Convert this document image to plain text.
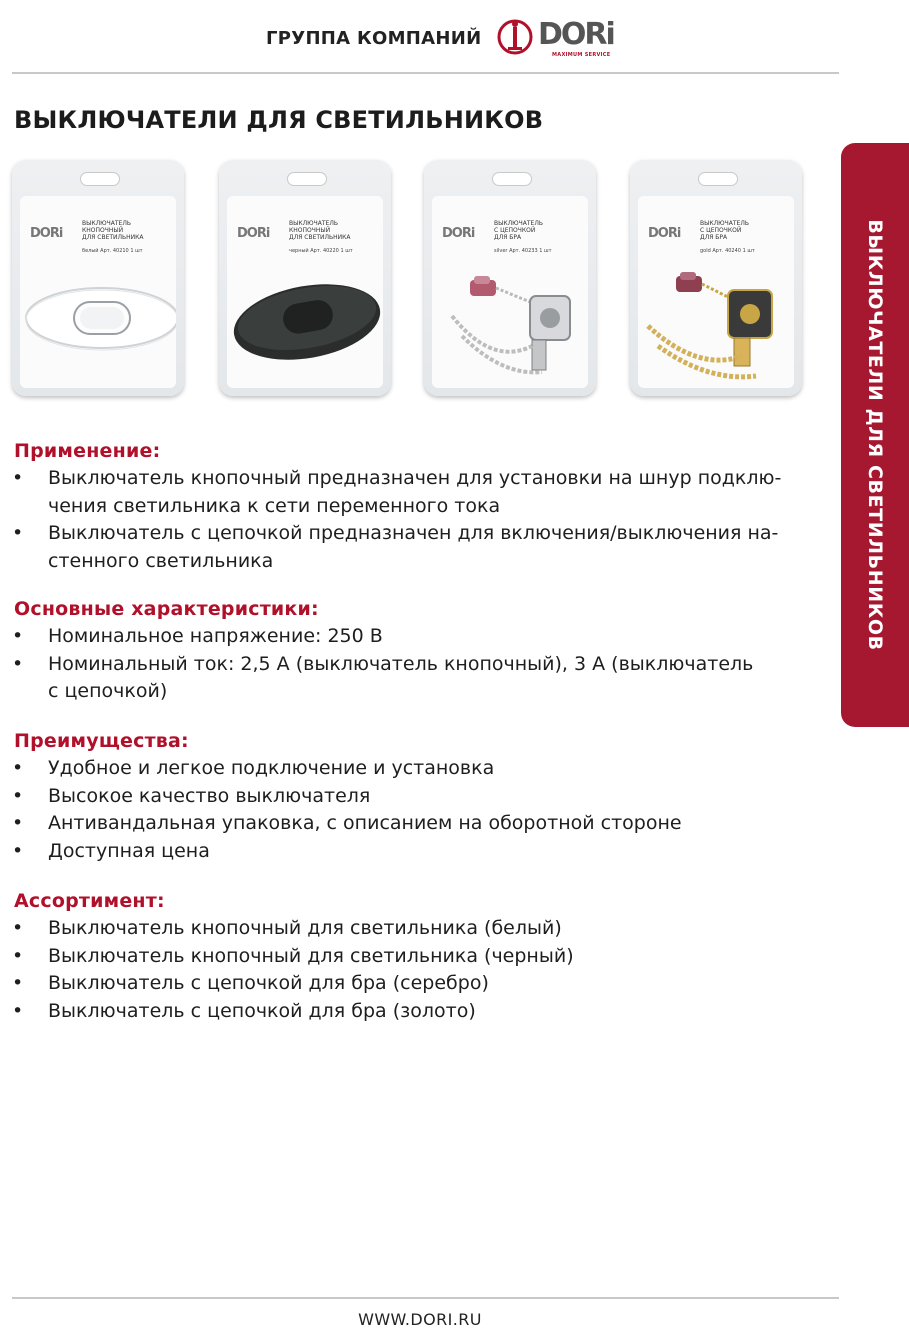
ГРУППА КОМПАНИЙ DORi
MAXIMUM SERVICE
ВЫКЛЮЧАТЕЛИ ДЛЯ СВЕТИЛЬНИКОВ
DORi
ВЫКЛЮЧАТЕЛЬ
КНОПОЧНЫЙ
ДЛЯ СВЕТИЛЬНИКА
белый Арт. 40210 1 шт
DORi
ВЫКЛЮЧАТЕЛЬ
КНОПОЧНЫЙ
ДЛЯ СВЕТИЛЬНИКА
черный Арт. 40220 1 шт
DORi
ВЫКЛЮЧАТЕЛЬ
С ЦЕПОЧКОЙ
ДЛЯ БРА
silver Арт. 40233 1 шт
DORi
ВЫКЛЮЧАТЕЛЬ
С ЦЕПОЧКОЙ
ДЛЯ БРА
gold Арт. 40240 1 шт	ВЫКЛЮЧАТЕЛИ ДЛЯ СВЕТИЛЬНИКОВ
Применение:
• Выключатель кнопочный предназначен для установки на шнур подклю-
чения светильника к сети переменного тока
• Выключатель с цепочкой предназначен для включения/выключения на-
стенного светильника
Основные характеристики:
• Номинальное напряжение: 250 В
• Номинальный ток: 2,5 А (выключатель кнопочный), 3 А (выключатель
с цепочкой)
Преимущества:
• Удобное и легкое подключение и установка
• Высокое качество выключателя
• Антивандальная упаковка, с описанием на оборотной стороне
• Доступная цена
Ассортимент:
• Выключатель кнопочный для светильника (белый)
• Выключатель кнопочный для светильника (черный)
• Выключатель с цепочкой для бра (серебро)
• Выключатель с цепочкой для бра (золото)
WWW.DORI.RU
